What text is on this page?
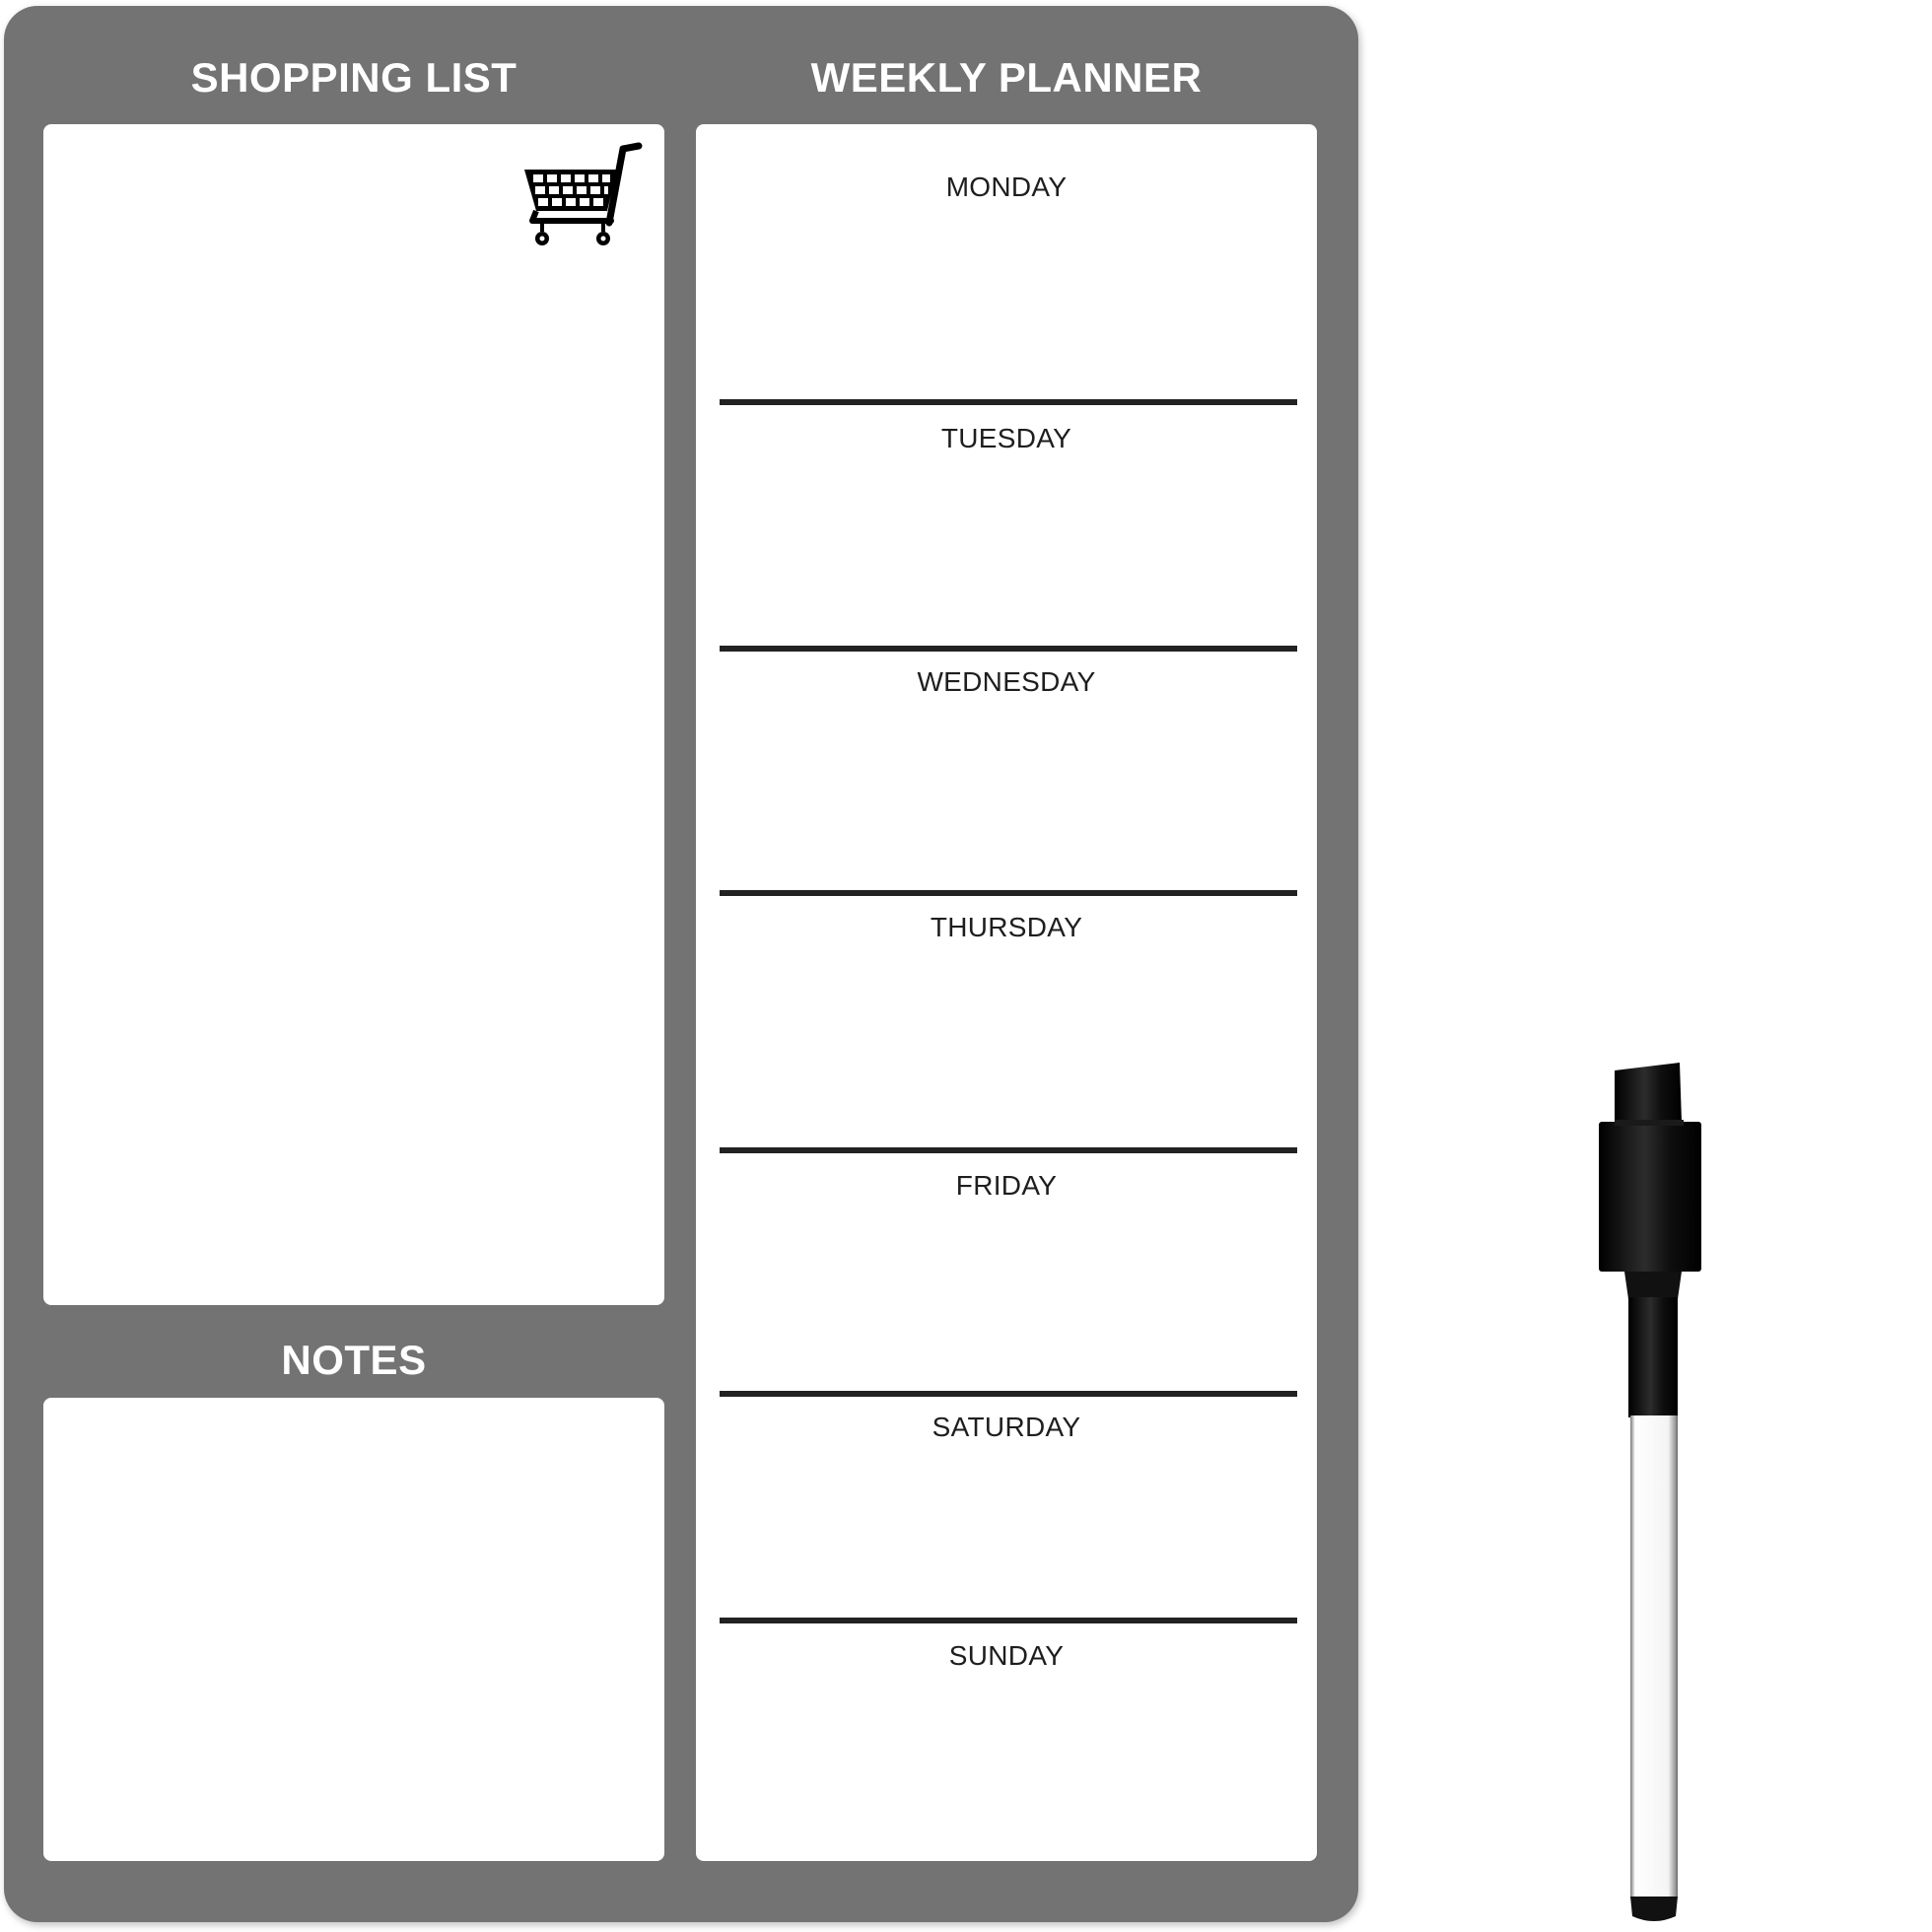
SHOPPING LIST	WEEKLY PLANNER
NOTES
MONDAY
TUESDAY
WEDNESDAY
THURSDAY
FRIDAY
SATURDAY
SUNDAY
